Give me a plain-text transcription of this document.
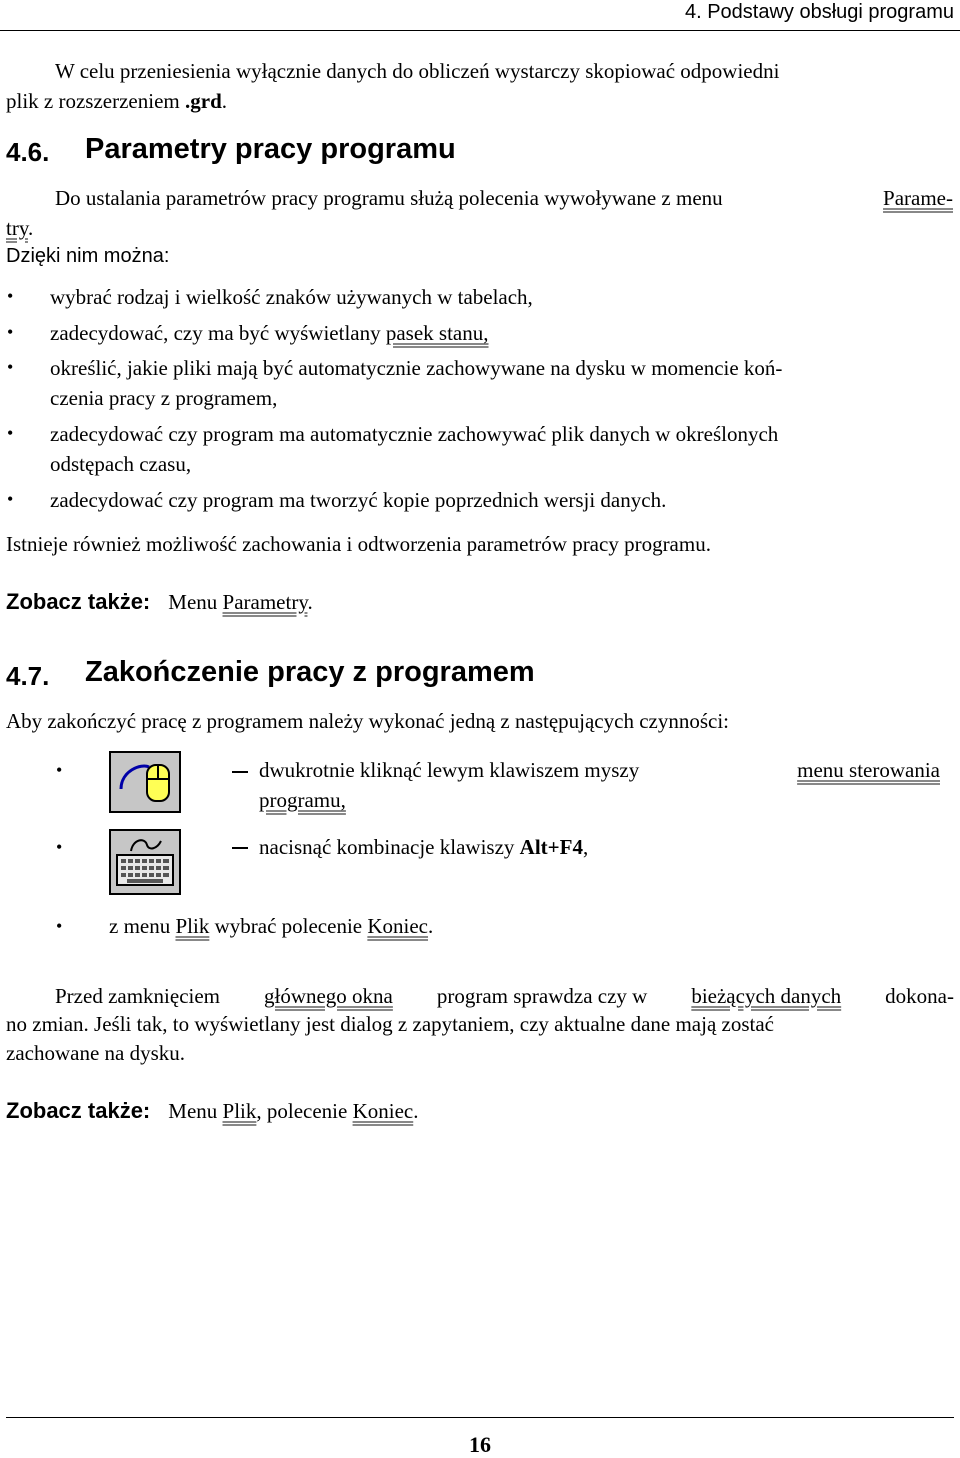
4. Podstawy obsługi programu
W celu przeniesienia wyłącznie danych do obliczeń wystarczy skopiować odpowiedni
plik z rozszerzeniem .grd.
4.6. Parametry pracy programu
Do ustalania parametrów pracy programu służą polecenia wywoływane z menu	Parame-
try.
Dzięki nim można:
• wybrać rodzaj i wielkość znaków używanych w tabelach,
• zadecydować, czy ma być wyświetlany pasek stanu,
• określić, jakie pliki mają być automatycznie zachowywane na dysku w momencie koń-
czenia pracy z programem,
• zadecydować czy program ma automatycznie zachowywać plik danych w określonych
odstępach czasu,
• zadecydować czy program ma tworzyć kopie poprzednich wersji danych.
Istnieje również możliwość zachowania i odtworzenia parametrów pracy programu.
Zobacz także: Menu Parametry.
4.7. Zakończenie pracy z programem
Aby zakończyć pracę z programem należy wykonać jedną z następujących czynności:
•	dwukrotnie kliknąć lewym klawiszem myszy	menu sterowania
programu,
•	nacisnąć kombinacje klawiszy Alt+F4,
• z menu Plik wybrać polecenie Koniec.
Przed zamknięciem głównego okna program sprawdza czy w bieżących danych dokona-
no zmian. Jeśli tak, to wyświetlany jest dialog z zapytaniem, czy aktualne dane mają zostać
zachowane na dysku.
Zobacz także: Menu Plik, polecenie Koniec.
16
